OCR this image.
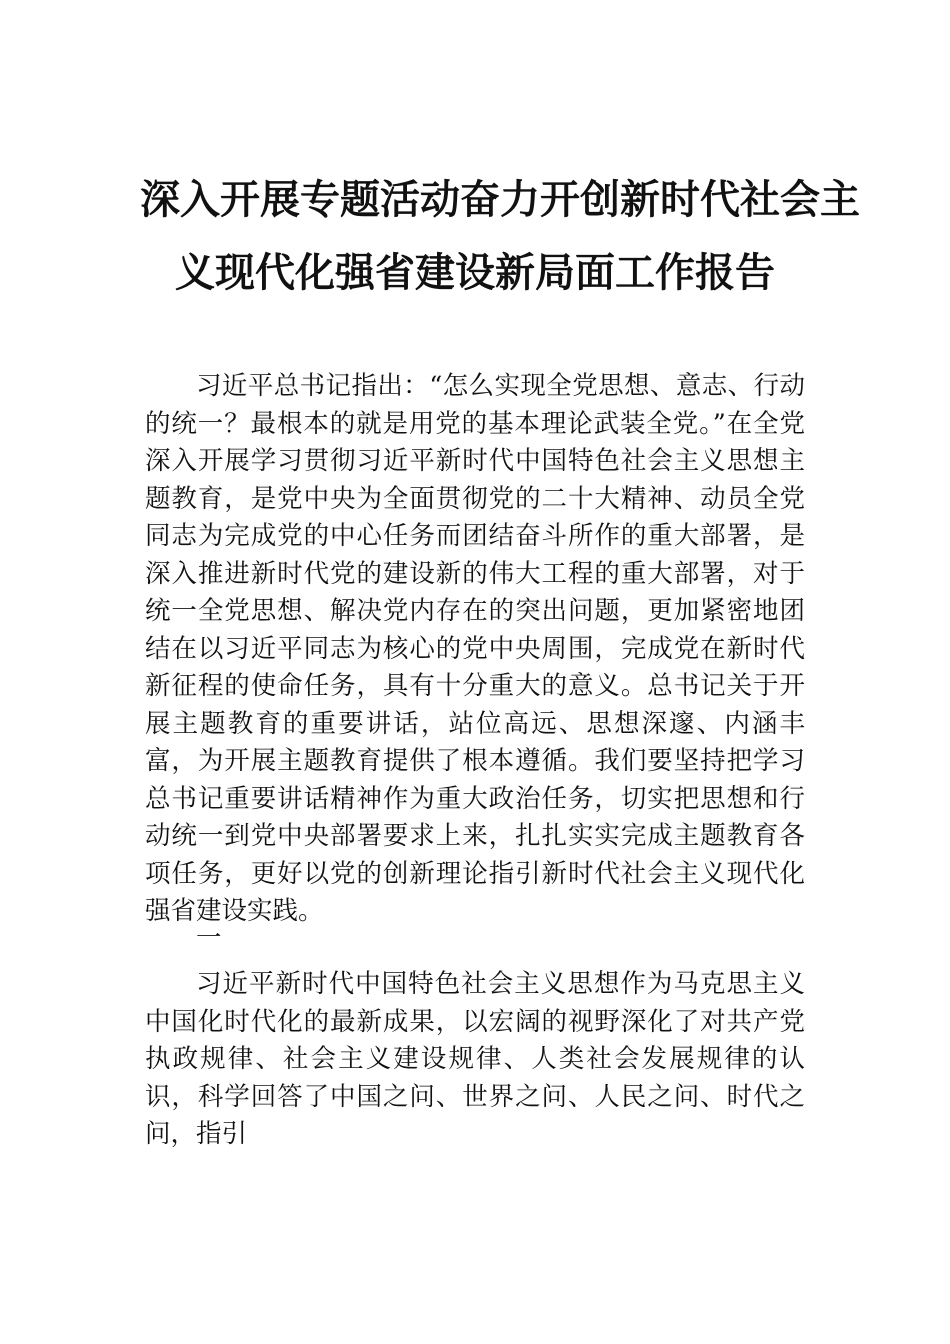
深入开展专题活动奋力开创新时代社会主
义现代化强省建设新局面工作报告

习近平总书记指出：“怎么实现全党思想、意志、行动的统一？最根本的就是用党的基本理论武装全党。”在全党深入开展学习贯彻习近平新时代中国特色社会主义思想主题教育，是党中央为全面贯彻党的二十大精神、动员全党同志为完成党的中心任务而团结奋斗所作的重大部署，是深入推进新时代党的建设新的伟大工程的重大部署，对于统一全党思想、解决党内存在的突出问题，更加紧密地团结在以习近平同志为核心的党中央周围，完成党在新时代新征程的使命任务，具有十分重大的意义。总书记关于开展主题教育的重要讲话，站位高远、思想深邃、内涵丰富，为开展主题教育提供了根本遵循。我们要坚持把学习总书记重要讲话精神作为重大政治任务，切实把思想和行动统一到党中央部署要求上来，扎扎实实完成主题教育各项任务，更好以党的创新理论指引新时代社会主义现代化强省建设实践。

一

习近平新时代中国特色社会主义思想作为马克思主义中国化时代化的最新成果，以宏阔的视野深化了对共产党执政规律、社会主义建设规律、人类社会发展规律的认识，科学回答了中国之问、世界之问、人民之问、时代之问，指引
